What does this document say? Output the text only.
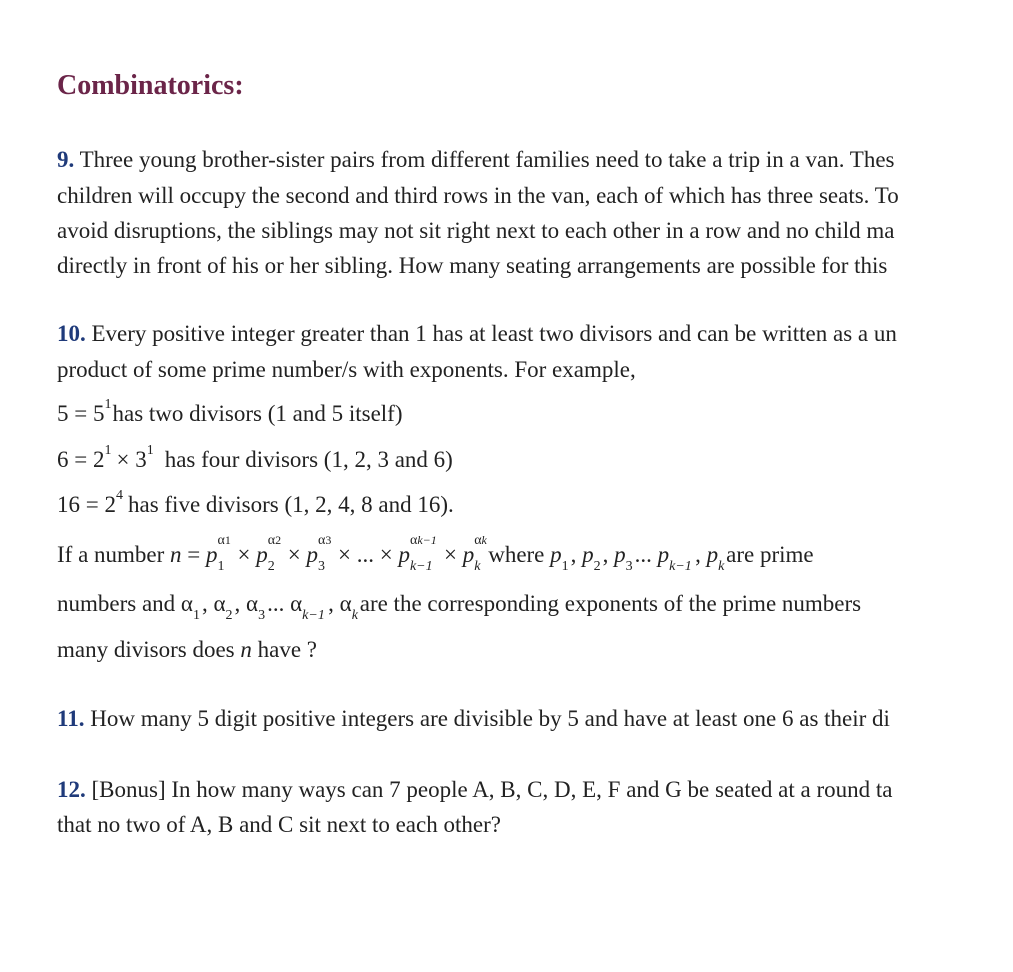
Combinatorics:
9. Three young brother-sister pairs from different families need to take a trip in a van. Thes
children will occupy the second and third rows in the van, each of which has three seats. To
avoid disruptions, the siblings may not sit right next to each other in a row and no child ma
directly in front of his or her sibling. How many seating arrangements are possible for this
10. Every positive integer greater than 1 has at least two divisors and can be written as a un
product of some prime number/s with exponents. For example,
5 = 51has two divisors (1 and 5 itself)
6 = 21 × 31 has four divisors (1, 2, 3 and 6)
16 = 24 has five divisors (1, 2, 4, 8 and 16).
If a number n = p1α1× p2α2× p3α3× ... × pk−1αk−1× pkαkwhere p1, p2, p3... pk−1 , pkare prime
numbers and α1, α2, α3... αk−1 , αkare the corresponding exponents of the prime numbers
many divisors does n have ?
11. How many 5 digit positive integers are divisible by 5 and have at least one 6 as their di
12. [Bonus] In how many ways can 7 people A, B, C, D, E, F and G be seated at a round ta
that no two of A, B and C sit next to each other?
